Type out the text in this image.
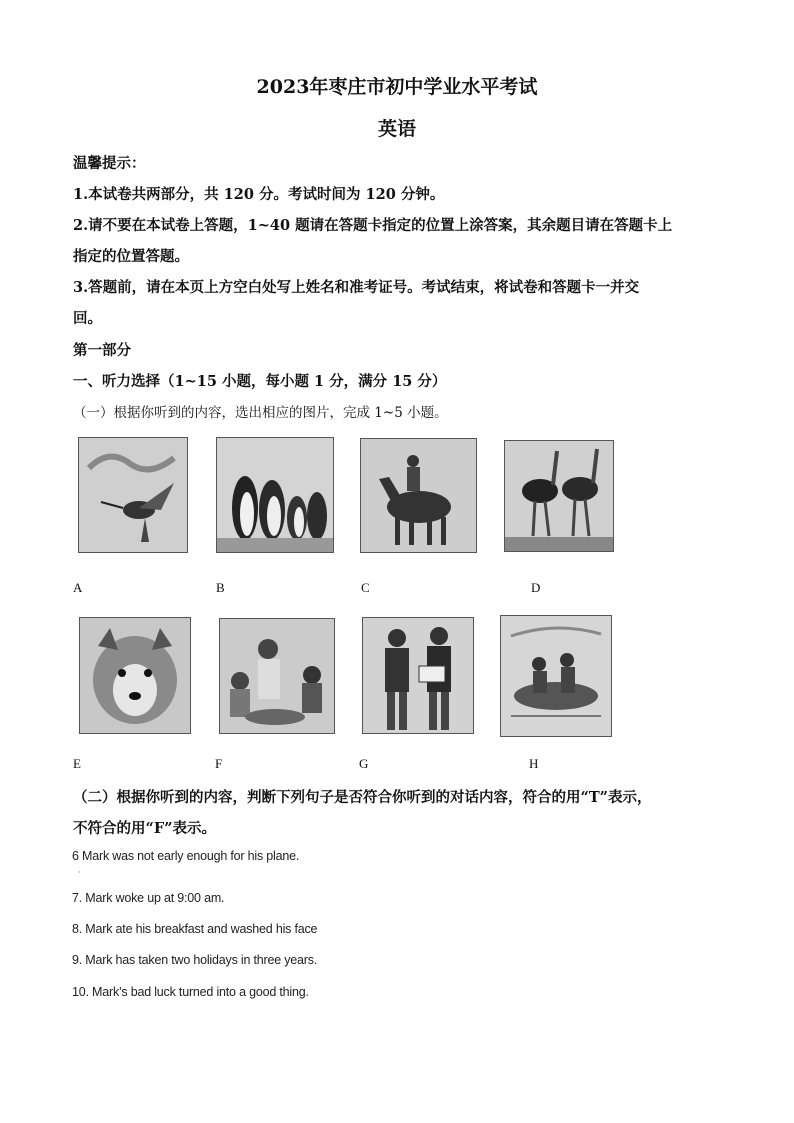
2023年枣庄市初中学业水平考试
英语
温馨提示：
1.本试卷共两部分，共 120 分。考试时间为 120 分钟。
2.请不要在本试卷上答题，1~40 题请在答题卡指定的位置上涂答案，其余题目请在答题卡上
指定的位置答题。
3.答题前，请在本页上方空白处写上姓名和准考证号。考试结束，将试卷和答题卡一并交
回。
第一部分
一、听力选择（1~15 小题，每小题 1 分，满分 15 分）
（一）根据你听到的内容，选出相应的图片，完成 1~5 小题。
A	B	C	D
E	F	G	H
（二）根据你听到的内容，判断下列句子是否符合你听到的对话内容，符合的用“T”表示，
不符合的用“F”表示。
6 Mark was not early enough for his plane.
·
7. Mark woke up at 9:00 am.
8. Mark ate his breakfast and washed his face
9. Mark has taken two holidays in three years.
10. Mark’s bad luck turned into a good thing.
